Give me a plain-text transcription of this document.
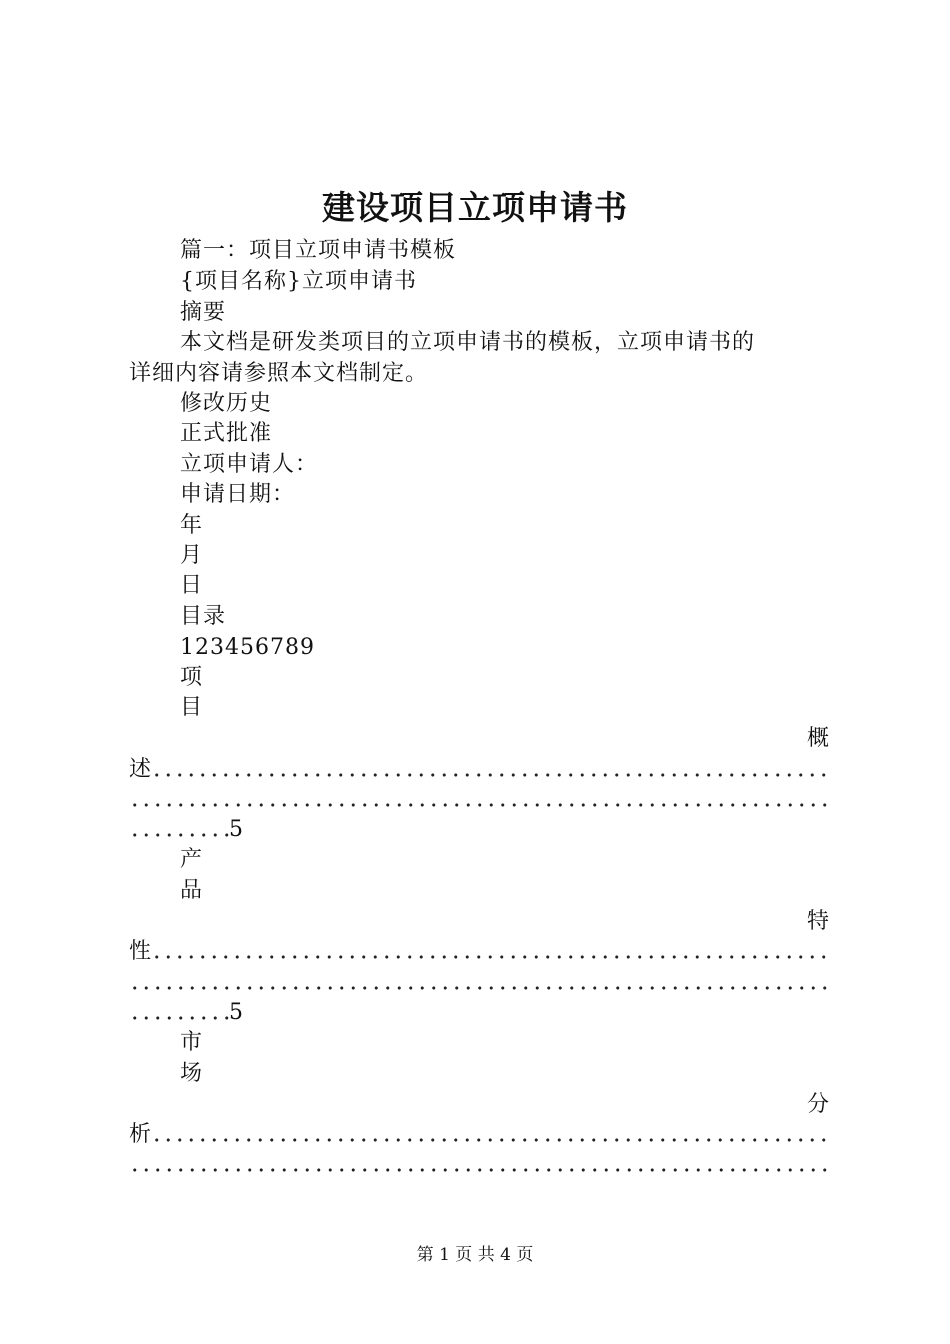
建设项目立项申请书
篇一：项目立项申请书模板
{项目名称}立项申请书
摘要
本文档是研发类项目的立项申请书的模板，立项申请书的
详细内容请参照本文档制定。
修改历史
正式批准
立项申请人：
申请日期：
年
月
日
目录
123456789
项
目
概
述
5
产
品
特
性
5
市
场
分
析
第 1 页 共 4 页
